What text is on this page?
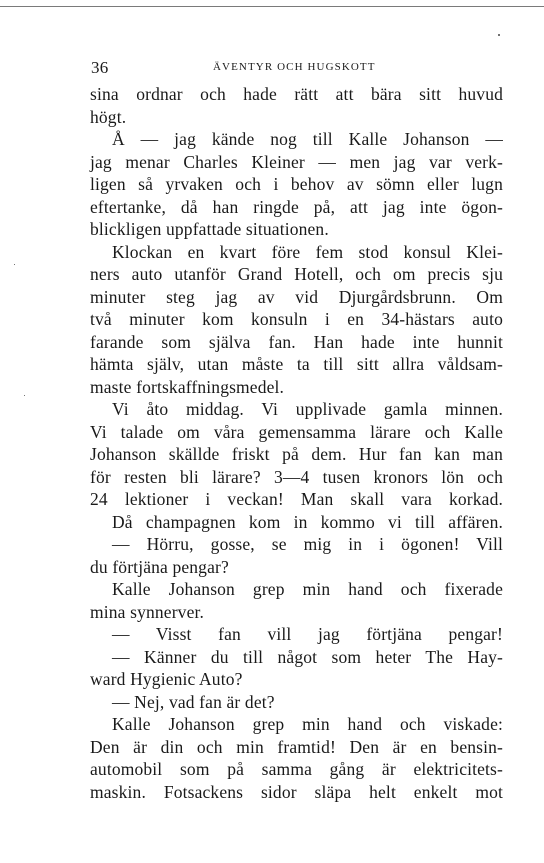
36	ÄVENTYR OCH HUGSKOTT
sina ordnar och hade rätt att bära sitt huvud
högt.
Å — jag kände nog till Kalle Johanson —
jag menar Charles Kleiner — men jag var verk-
ligen så yrvaken och i behov av sömn eller lugn
eftertanke, då han ringde på, att jag inte ögon-
blickligen uppfattade situationen.
Klockan en kvart före fem stod konsul Klei-
ners auto utanför Grand Hotell, och om precis sju
minuter steg jag av vid Djurgårdsbrunn. Om
två minuter kom konsuln i en 34-hästars auto
farande som själva fan. Han hade inte hunnit
hämta själv, utan måste ta till sitt allra våldsam-
maste fortskaffningsmedel.
Vi åto middag. Vi upplivade gamla minnen.
Vi talade om våra gemensamma lärare och Kalle
Johanson skällde friskt på dem. Hur fan kan man
för resten bli lärare? 3—4 tusen kronors lön och
24 lektioner i veckan! Man skall vara korkad.
Då champagnen kom in kommo vi till affären.
— Hörru, gosse, se mig in i ögonen! Vill
du förtjäna pengar?
Kalle Johanson grep min hand och fixerade
mina synnerver.
— Visst fan vill jag förtjäna pengar!
— Känner du till något som heter The Hay-
ward Hygienic Auto?
— Nej, vad fan är det?
Kalle Johanson grep min hand och viskade:
Den är din och min framtid! Den är en bensin-
automobil som på samma gång är elektricitets-
maskin. Fotsackens sidor släpa helt enkelt mot
